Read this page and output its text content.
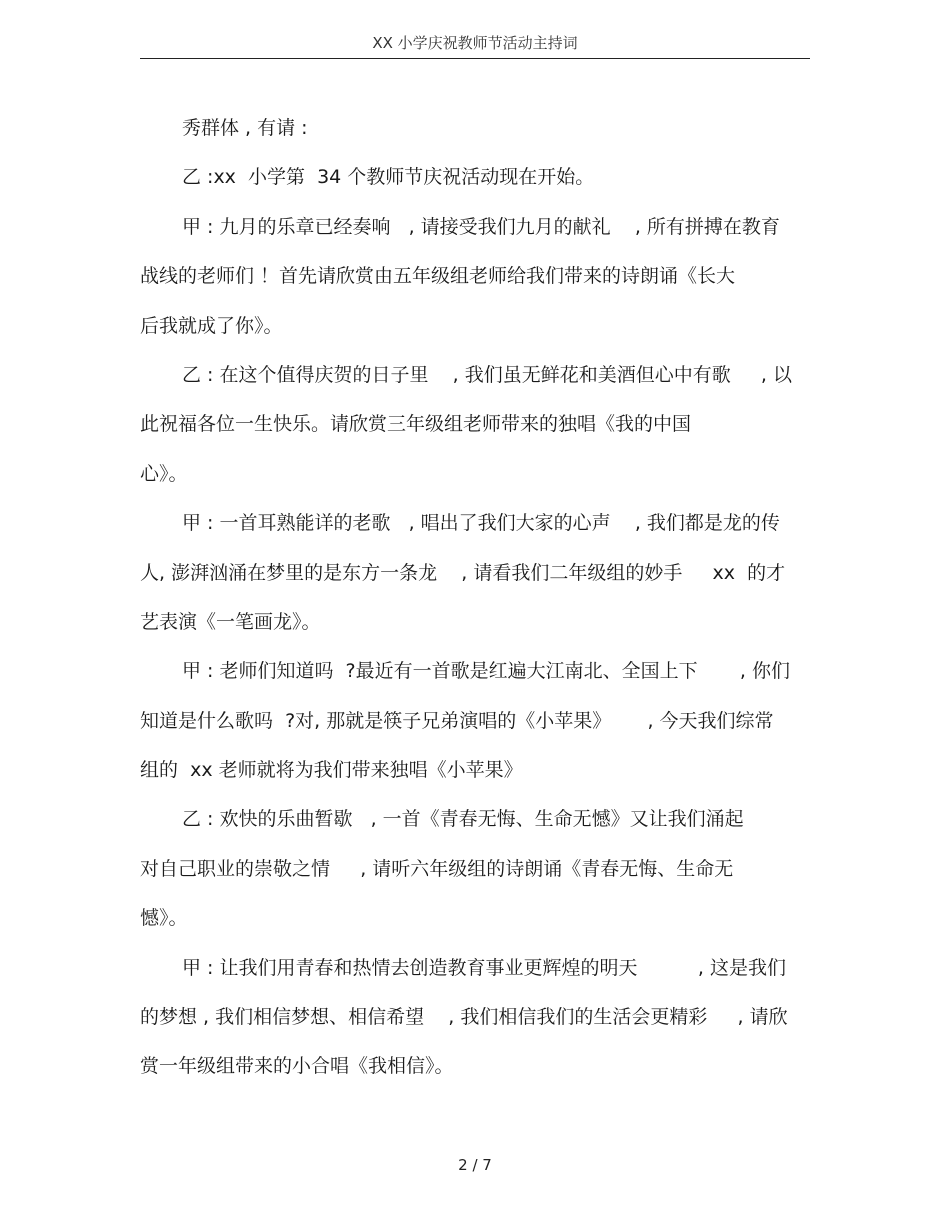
XX 小学庆祝教师节活动主持词
秀群体 , 有请 :
乙 :xx  小学第  34 个教师节庆祝活动现在开始。
甲 : 九月的乐章已经奏响   , 请接受我们九月的献礼    , 所有拼搏在教育
战线的老师们 ！首先请欣赏由五年级组老师给我们带来的诗朗诵《长大
后我就成了你》。
乙 : 在这个值得庆贺的日子里    , 我们虽无鲜花和美酒但心中有歌     , 以
此祝福各位一生快乐。请欣赏三年级组老师带来的独唱《我的中国
心》。
甲 : 一首耳熟能详的老歌   , 唱出了我们大家的心声    , 我们都是龙的传
人, 澎湃汹涌在梦里的是东方一条龙    , 请看我们二年级组的妙手     xx  的才
艺表演《一笔画龙》。
甲 : 老师们知道吗  ?最近有一首歌是红遍大江南北、全国上下       , 你们
知道是什么歌吗  ?对, 那就是筷子兄弟演唱的《小苹果》      , 今天我们综常
组的  xx 老师就将为我们带来独唱《小苹果》
乙 : 欢快的乐曲暂歇   , 一首《青春无悔、生命无憾》又让我们涌起
对自己职业的崇敬之情     , 请听六年级组的诗朗诵《青春无悔、生命无
憾》。
甲 : 让我们用青春和热情去创造教育事业更辉煌的明天          , 这是我们
的梦想 , 我们相信梦想、相信希望    , 我们相信我们的生活会更精彩     , 请欣
赏一年级组带来的小合唱《我相信》。
2 / 7
